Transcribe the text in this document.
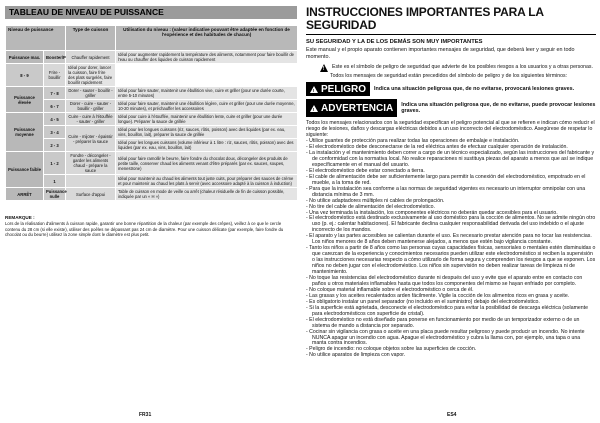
TABLEAU DE NIVEAU DE PUISSANCE
Niveau de puissance		Type de cuisson	Utilisation du niveau : (valeur indicative pouvant être adaptée en fonction de l'expérience et des habitudes de chacun)
Puissance max.	Booster/P	Chauffer rapidement	Idéal pour augmenter rapidement la température des aliments, notamment pour faire bouillir de l'eau ou chauffer des liquides de cuisson rapidement
8 - 9	Frire - bouillir	Idéal pour dorer, lancer la cuisson, faire frire des plats surgelés, faire bouillir rapidement	
Puissance élevée	7 - 8	Dorer - sauter - bouillir - griller	Idéal pour faire sauter, maintenir une ébullition vive, cuire et griller (pour une durée courte, entre 5-10 minutes)
	6 - 7	Dorer - cuire - sauter - bouillir - griller	Idéal pour faire sauter, maintenir une ébullition légère, cuire et griller (pour une durée moyenne, 10-20 minutes), et préchauffer les accessoires
Puissance moyenne	4 - 5	Cuire - cuire à l'étouffée - sauter - griller	Idéal pour cuire à l'étouffée, maintenir une ébullition lente, cuire et griller (pour une durée longue). Préparer la sauce de grillée
	3 - 4	Cuire - mijoter - épaissir - préparer la sauce	Idéal pour les longues cuissons (riz, sauces, rôtis, poisson) avec des liquides (par ex. eau, vins, bouillon, lait), préparer la sauce de grillée
	2 - 3		Idéal pour les longues cuissons (volume inférieur à 1 litre : riz, sauces, rôtis, poisson) avec des liquides (par ex. eau, vins, bouillon, lait)
Puissance faible	1 - 2	Fondre - décongeler - garder les aliments chaud - prépare la sauce	Idéal pour faire ramollir le beurre, faire fondre du chocolat doux, décongeler des produits de petite taille, conserver chaud les aliments venant d'être préparés (par ex. sauces, soupes, menestrone)
	1		Idéal pour maintenir au chaud les aliments tout juste cuits, pour préparer des sauces de crème et pour maintenir au chaud les plats à servir (avec accessoire adapté à la cuisson à induction)
ARRÊT	Puissance nulle	Surface d'appui	Table de cuisson en mode de veille ou arrêt (chaleur résiduelle de fin de cuisson possible, indiquée par un « H »)
REMARQUE :
Lors de la réalisation d'aliments à cuisson rapide, garantir une bonne répartition de la chaleur (par exemple des crêpes), veillez à ce que le cercle contenu du 28 cm (si elle existe), utiliser des poêles ne dépassant pas 24 cm de diamètre. Pour une cuisson délicate (par exemple, faire fondre du chocolat ou du beurre) utilisez la zone simple dont le diamètre est plus petit.
FR31
INSTRUCCIONES IMPORTANTES PARA LA SEGURIDAD
SU SEGURIDAD Y LA DE LOS DEMÁS SON MUY IMPORTANTES
Este manual y el propio aparato contienen importantes mensajes de seguridad, que deberá leer y seguir en todo momento.
!
Este es el símbolo de peligro de seguridad que advierte de los posibles riesgos a los usuarios y a otras personas.
Todos los mensajes de seguridad están precedidos del símbolo de peligro y de los siguientes términos:
!
PELIGRO Indica una situación peligrosa que, de no evitarse, provocará lesiones graves.
!
ADVERTENCIA Indica una situación peligrosa que, de no evitarse, puede provocar lesiones graves.
Todos los mensajes relacionados con la seguridad especifican el peligro potencial al que se refieren e indican cómo reducir el riesgo de lesiones, daños y descargas eléctricas debidos a un uso incorrecto del electrodoméstico. Asegúrese de respetar lo siguiente:
- Utilice guantes de protección para realizar todas las operaciones de embalaje e instalación.
- El electrodoméstico debe desconectarse de la red eléctrica antes de efectuar cualquier operación de instalación.
- La instalación y el mantenimiento deben correr a cargo de un técnico especializado, según las instrucciones del fabricante y de conformidad con la normativa local. No realice reparaciones ni sustituya piezas del aparato a menos que así se indique específicamente en el manual del usuario.
- El electrodoméstico debe estar conectado a tierra.
- El cable de alimentación debe ser suficientemente largo para permitir la conexión del electrodoméstico, empotrado en el mueble, a la toma de red.
- Para que la instalación sea conforme a las normas de seguridad vigentes es necesario un interruptor omnipolar con una distancia mínima de 3 mm.
- No utilice adaptadores múltiples ni cables de prolongación.
- No tire del cable de alimentación del electrodoméstico.
- Una vez terminada la instalación, los componentes eléctricos no deberán quedar accesibles para el usuario.
- El electrodoméstico está destinado exclusivamente al uso doméstico para la cocción de alimentos. No se admite ningún otro uso (p. ej.: calentar habitaciones). El fabricante declina cualquier responsabilidad derivada del uso indebido o el ajuste incorrecto de los mandos.
- El aparato y las partes accesibles se calientan durante el uso. Es necesario prestar atención para no tocar las resistencias. Los niños menores de 8 años deben mantenerse alejados, a menos que estén bajo vigilancia constante.
- Tanto los niños a partir de 8 años como las personas cuyas capacidades físicas, sensoriales o mentales estén disminuidas o que carezcan de la experiencia y conocimientos necesarios pueden utilizar este electrodoméstico si reciben la supervisión o las instrucciones necesarias respecto a cómo utilizarlo de forma segura y comprenden los riesgos a que se exponen. Los niños no deben jugar con el electrodoméstico. Los niños sin supervisión no deben realizar tareas de limpieza ni de mantenimiento.
- No toque las resistencias del electrodoméstico durante ni después del uso y evite que el aparato entre en contacto con paños u otros materiales inflamables hasta que todos los componentes del mismo se hayan enfriado por completo.
- No coloque material inflamable sobre el electrodoméstico o cerca de él.
- Las grasas y los aceites recalentados arden fácilmente. Vigile la cocción de los alimentos ricos en grasa y aceite.
- Es obligatorio instalar un panel separador (no incluido en el suministro) debajo del electrodoméstico.
- Si la superficie está agrietada, desconecte el electrodoméstico para evitar la posibilidad de descarga eléctrica (solamente para electrodomésticos con superficie de cristal).
- El electrodoméstico no está diseñado para ponerse en funcionamiento por medio de un temporizador externo o de un sistema de mando a distancia por separado.
- Cocinar sin vigilancia con grasa o aceite en una placa puede resultar peligroso y puede producir un incendio. No intente NUNCA apagar un incendio con agua. Apague el electrodoméstico y cubra la llama con, por ejemplo, una tapa o una manta contra incendios.
- Peligro de incendio: no coloque objetos sobre las superficies de cocción.
- No utilice aparatos de limpieza con vapor.
ES4
